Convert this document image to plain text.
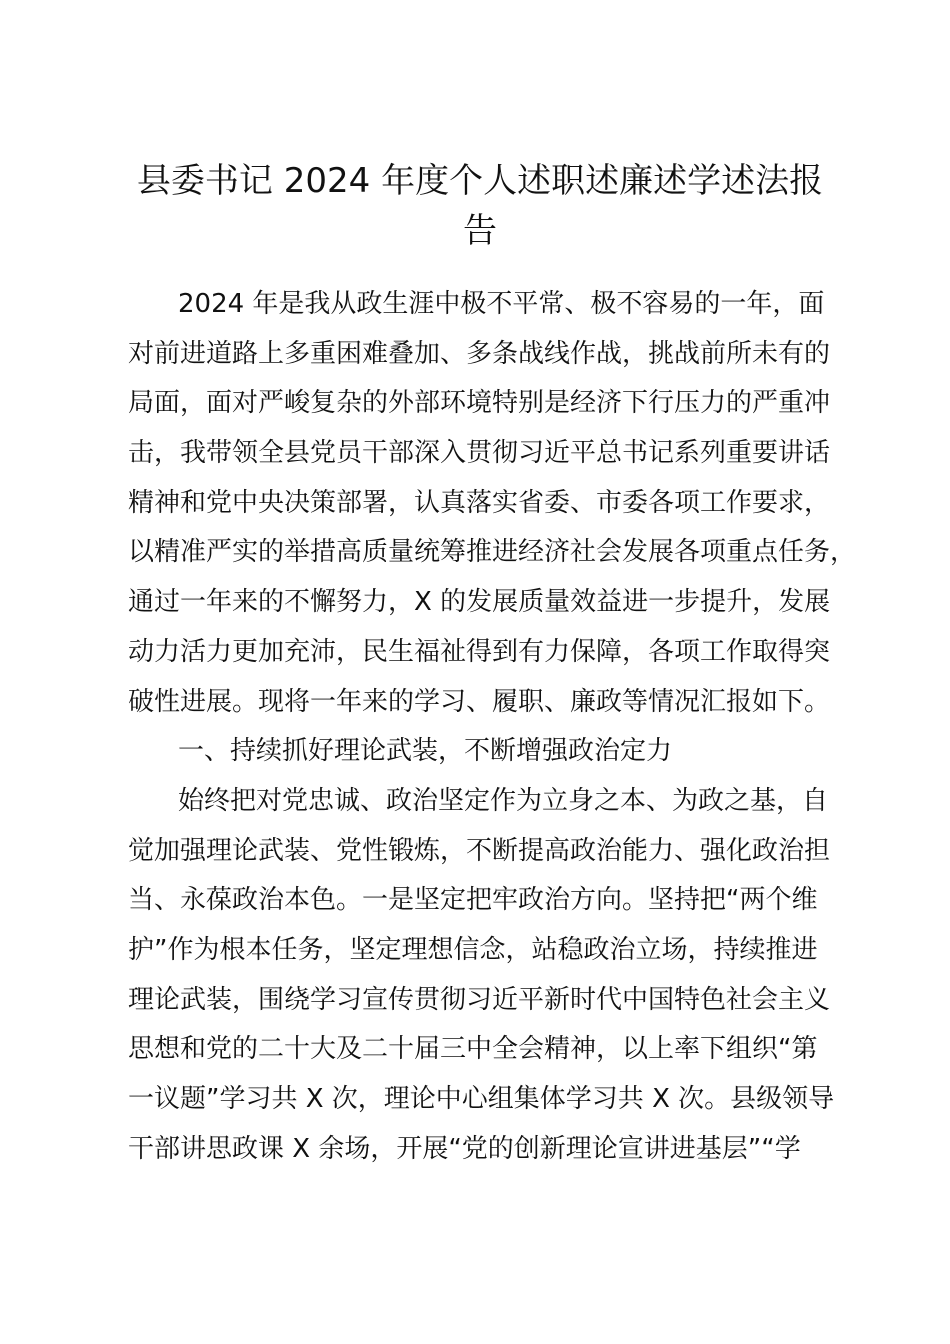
县委书记 2024 年度个人述职述廉述学述法报
告
2024 年是我从政生涯中极不平常、极不容易的一年，面
对前进道路上多重困难叠加、多条战线作战，挑战前所未有的
局面，面对严峻复杂的外部环境特别是经济下行压力的严重冲
击，我带领全县党员干部深入贯彻习近平总书记系列重要讲话
精神和党中央决策部署，认真落实省委、市委各项工作要求，
以精准严实的举措高质量统筹推进经济社会发展各项重点任务，
通过一年来的不懈努力，X 的发展质量效益进一步提升，发展
动力活力更加充沛，民生福祉得到有力保障，各项工作取得突
破性进展。现将一年来的学习、履职、廉政等情况汇报如下。
一、持续抓好理论武装，不断增强政治定力
始终把对党忠诚、政治坚定作为立身之本、为政之基，自
觉加强理论武装、党性锻炼，不断提高政治能力、强化政治担
当、永葆政治本色。一是坚定把牢政治方向。坚持把“两个维
护”作为根本任务，坚定理想信念，站稳政治立场，持续推进
理论武装，围绕学习宣传贯彻习近平新时代中国特色社会主义
思想和党的二十大及二十届三中全会精神，以上率下组织“第
一议题”学习共 X 次，理论中心组集体学习共 X 次。县级领导
干部讲思政课 X 余场，开展“党的创新理论宣讲进基层”“学
